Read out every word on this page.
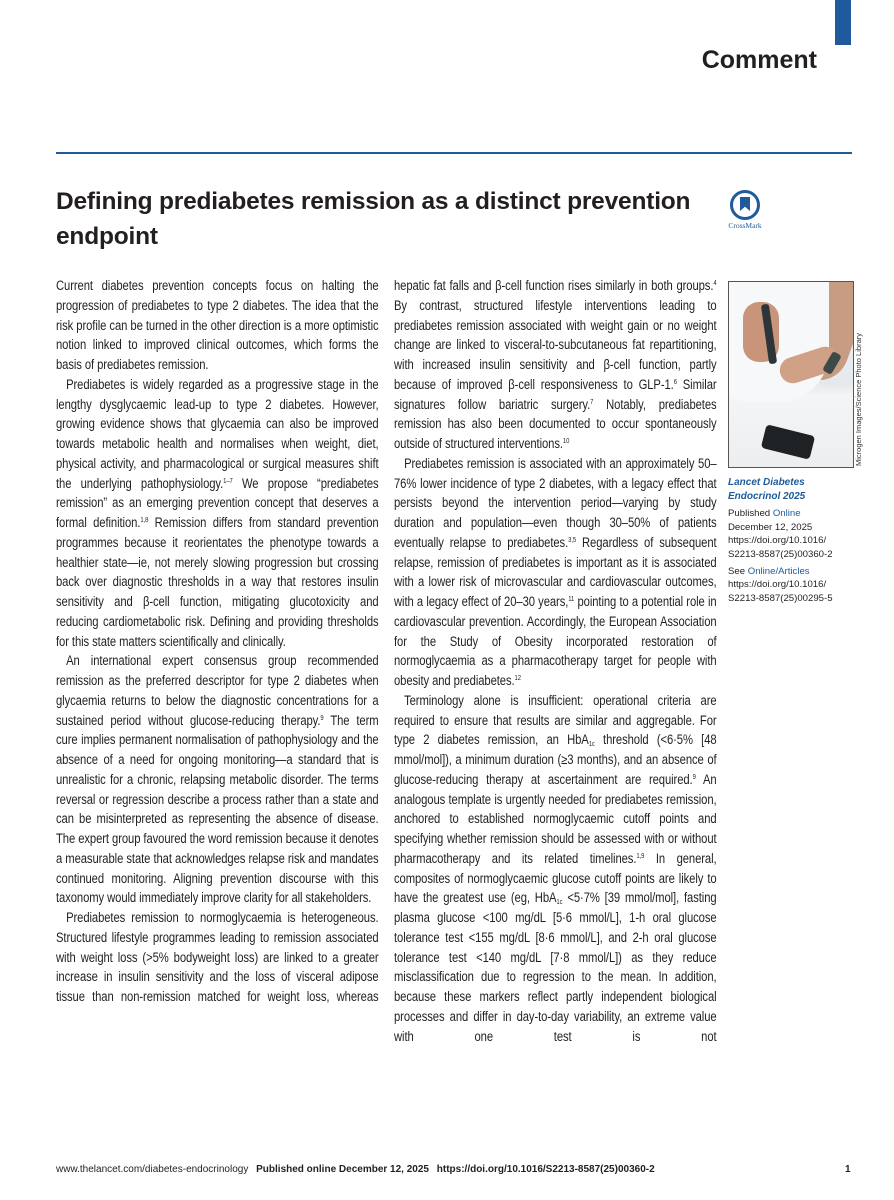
Comment
Defining prediabetes remission as a distinct prevention endpoint	CrossMark

Current diabetes prevention concepts focus on halting the progression of prediabetes to type 2 diabetes. The idea that the risk profile can be turned in the other direction is a more optimistic notion linked to improved clinical outcomes, which forms the basis of prediabetes remission.

Prediabetes is widely regarded as a progressive stage in the lengthy dysglycaemic lead-up to type 2 diabetes. However, growing evidence shows that glycaemia can also be improved towards metabolic health and normalises when weight, diet, physical activity, and pharmacological or surgical measures shift the underlying pathophysiology.$^{1-7}$ We propose “prediabetes remission” as an emerging prevention concept that deserves a formal definition.$^{1,8}$ Remission differs from standard prevention programmes because it reorientates the phenotype towards a healthier state—ie, not merely slowing progression but crossing back over diagnostic thresholds in a way that restores insulin sensitivity and β-cell function, mitigating glucotoxicity and reducing cardiometabolic risk. Defining and providing thresholds for this state matters scientifically and clinically.

An international expert consensus group recommended remission as the preferred descriptor for type 2 diabetes when glycaemia returns to below the diagnostic concentrations for a sustained period without glucose-reducing therapy.$^9$ The term cure implies permanent normalisation of pathophysiology and the absence of a need for ongoing monitoring—a standard that is unrealistic for a chronic, relapsing metabolic disorder. The terms reversal or regression describe a process rather than a state and can be misinterpreted as representing the absence of disease. The expert group favoured the word remission because it denotes a measurable state that acknowledges relapse risk and mandates continued monitoring. Aligning prevention discourse with this taxonomy would immediately improve clarity for all stakeholders.

Prediabetes remission to normoglycaemia is heterogeneous. Structured lifestyle programmes leading to remission associated with weight loss (>5% bodyweight loss) are linked to a greater increase in insulin sensitivity and the loss of visceral adipose tissue than non-remission matched for weight loss, whereas

hepatic fat falls and β-cell function rises similarly in both groups.$^4$ By contrast, structured lifestyle interventions leading to prediabetes remission associated with weight gain or no weight change are linked to visceral-to-subcutaneous fat repartitioning, with increased insulin sensitivity and β-cell function, partly because of improved β-cell responsiveness to GLP-1.$^6$ Similar signatures follow bariatric surgery.$^7$ Notably, prediabetes remission has also been documented to occur spontaneously outside of structured interventions.$^{10}$

Prediabetes remission is associated with an approximately 50–76% lower incidence of type 2 diabetes, with a legacy effect that persists beyond the intervention period—varying by study duration and population—even though 30–50% of patients eventually relapse to prediabetes.$^{3,5}$ Regardless of subsequent relapse, remission of prediabetes is important as it is associated with a lower risk of microvascular and cardiovascular outcomes, with a legacy effect of 20–30 years,$^{11}$ pointing to a potential role in cardiovascular prevention. Accordingly, the European Association for the Study of Obesity incorporated restoration of normoglycaemia as a pharmacotherapy target for people with obesity and prediabetes.$^{12}$

Terminology alone is insufficient: operational criteria are required to ensure that results are similar and aggregable. For type 2 diabetes remission, an HbA$_{1c}$ threshold (<6·5% [48 mmol/mol]), a minimum duration (≥3 months), and an absence of glucose-reducing therapy at ascertainment are required.$^9$ An analogous template is urgently needed for prediabetes remission, anchored to established normoglycaemic cutoff points and specifying whether remission should be assessed with or without pharmacotherapy and its related timelines.$^{1,9}$ In general, composites of normoglycaemic glucose cutoff points are likely to have the greatest use (eg, HbA$_{1c}$ <5·7% [39 mmol/mol], fasting plasma glucose <100 mg/dL [5·6 mmol/L], 1-h oral glucose tolerance test <155 mg/dL [8·6 mmol/L], and 2-h oral glucose tolerance test <140 mg/dL [7·8 mmol/L]) as they reduce misclassification due to regression to the mean. In addition, because these markers reflect partly independent biological processes and differ in day-to-day variability, an extreme value with one test is not

Microgen Images/Science Photo Library
Lancet Diabetes Endocrinol 2025
Published Online
December 12, 2025
https://doi.org/10.1016/
S2213-8587(25)00360-2
See Online/Articles
https://doi.org/10.1016/
S2213-8587(25)00295-5
www.thelancet.com/diabetes-endocrinology Published online December 12, 2025 https://doi.org/10.1016/S2213-8587(25)00360-2	1
